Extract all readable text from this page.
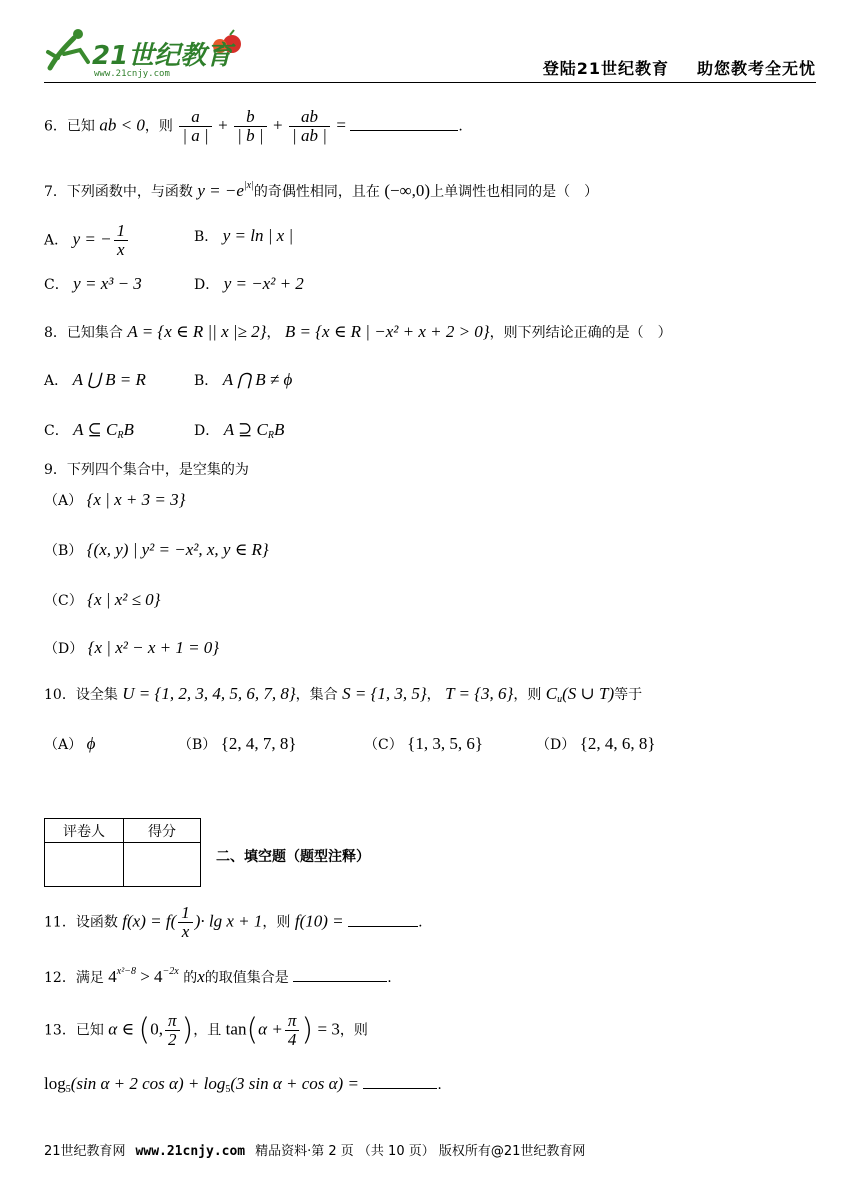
21世纪教育
www.21cnjy.com	登陆21世纪教育 助您教考全无忧
6．已知 ab < 0，则 $\frac{a}{| a |} + \frac{b}{| b |} + \frac{ab}{| ab |}$ =	.
7．下列函数中，与函数 $y = -e^{|x|}$的奇偶性相同，且在 (−∞,0)上单调性也相同的是（　）
A． y = − $\frac{1}{x}$	B． y = ln | x |
C． y = x³ − 3	D． y = −x² + 2
8．已知集合 A = {x ∈ R || x |≥ 2}， B = {x ∈ R | −x² + x + 2 > 0}，则下列结论正确的是（　）
A． A ⋃ B = R	B． A ⋂ B ≠ ϕ
C． A ⊆ $C_RB$	D． A ⊇ $C_RB$
9．下列四个集合中，是空集的为
（A） {x | x + 3 = 3}
（B） {(x, y) | y² = −x², x, y ∈ R}
（C） {x | x² ≤ 0}
（D） {x | x² − x + 1 = 0}
10．设全集 U = {1, 2, 3, 4, 5, 6, 7, 8}，集合 S = {1, 3, 5}， T = {3, 6}，则 $C_u(S$ ∪ T)等于
（A） ϕ	（B） {2, 4, 7, 8}	（C） {1, 3, 5, 6}	（D） {2, 4, 6, 8}
评卷人	得分

二、填空题（题型注释）
11．设函数 $f(x) = f( \frac{1}{x}$ )· lg x + 1，则 f(10) =	.
12．满足 $4^{x^2-8} > 4^{-2x}$ 的x的取值集合是	.
13．已知 α ∈ (0, $\frac{\pi}{2}$ )，且 $\tan(\alpha + \frac{\pi}{4}$ ) = 3，则
$\log_5(\sin$ α + 2 $\cos \alpha) + \log_5(3$ sin α + cos α) =	.
21世纪教育网 www.21cnjy.com 精品资料·第 2 页 （共 10 页） 版权所有@21世纪教育网
